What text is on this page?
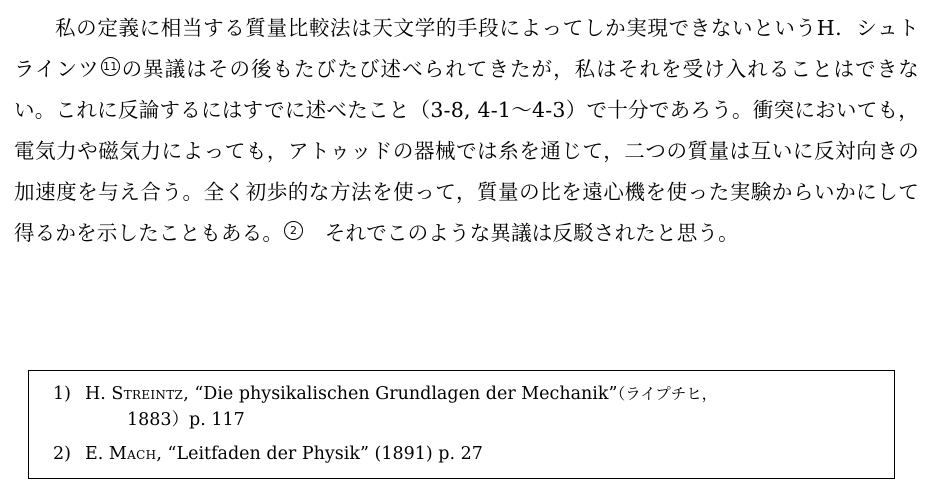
私の定義に相当する質量比較法は天文学的手段によってしか実現できないというH．シュトラインツ 11 の異議はその後もたびたび述べられてきたが，私はそれを受け入れることはできない。これに反論するにはすでに述べたこと（3-8, 4-1〜4-3）で十分であろう。衝突においても，電気力や磁気力によっても，アトゥッドの器械では糸を通じて，二つの質量は互いに反対向きの加速度を与え合う。全く初歩的な方法を使って，質量の比を遠心機を使った実験からいかにして得るかを示したこともある。 2　 それでこのような異議は反駁されたと思う。

1) H. Streintz, “Die physikalischen Grundlagen der Mechanik”（ライプチヒ，
1883）p. 117
2) E. Mach, “Leitfaden der Physik” (1891) p. 27
